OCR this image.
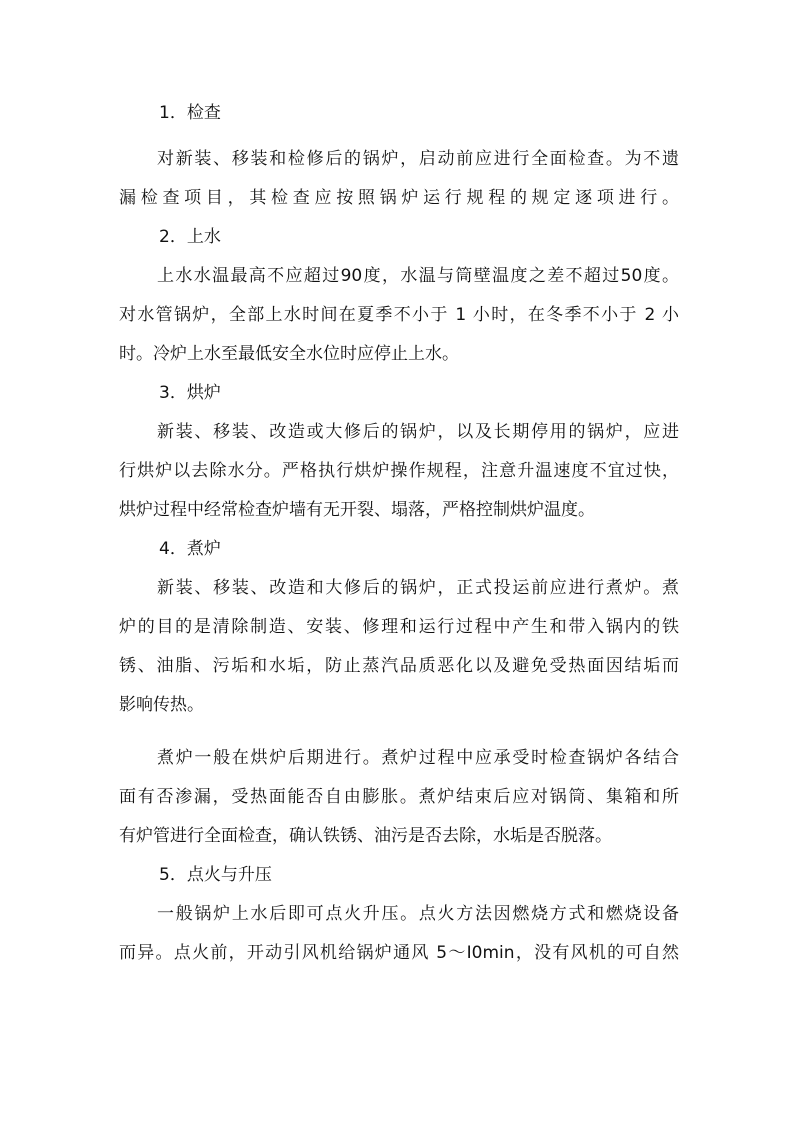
1．检查
对新装、移装和检修后的锅炉，启动前应进行全面检查。为不遗
漏检查项目，其检查应按照锅炉运行规程的规定逐项进行。
2．上水
上水水温最高不应超过90度，水温与筒壁温度之差不超过50度。
对水管锅炉，全部上水时间在夏季不小于 1 小时，在冬季不小于 2 小
时。冷炉上水至最低安全水位时应停止上水。
3．烘炉
新装、移装、改造或大修后的锅炉，以及长期停用的锅炉，应进
行烘炉以去除水分。严格执行烘炉操作规程，注意升温速度不宜过快，
烘炉过程中经常检查炉墙有无开裂、塌落，严格控制烘炉温度。
4．煮炉
新装、移装、改造和大修后的锅炉，正式投运前应进行煮炉。煮
炉的目的是清除制造、安装、修理和运行过程中产生和带入锅内的铁
锈、油脂、污垢和水垢，防止蒸汽品质恶化以及避免受热面因结垢而
影响传热。
煮炉一般在烘炉后期进行。煮炉过程中应承受时检查锅炉各结合
面有否渗漏，受热面能否自由膨胀。煮炉结束后应对锅筒、集箱和所
有炉管进行全面检查，确认铁锈、油污是否去除，水垢是否脱落。
5．点火与升压
一般锅炉上水后即可点火升压。点火方法因燃烧方式和燃烧设备
而异。点火前，开动引风机给锅炉通风 5～I0min，没有风机的可自然
